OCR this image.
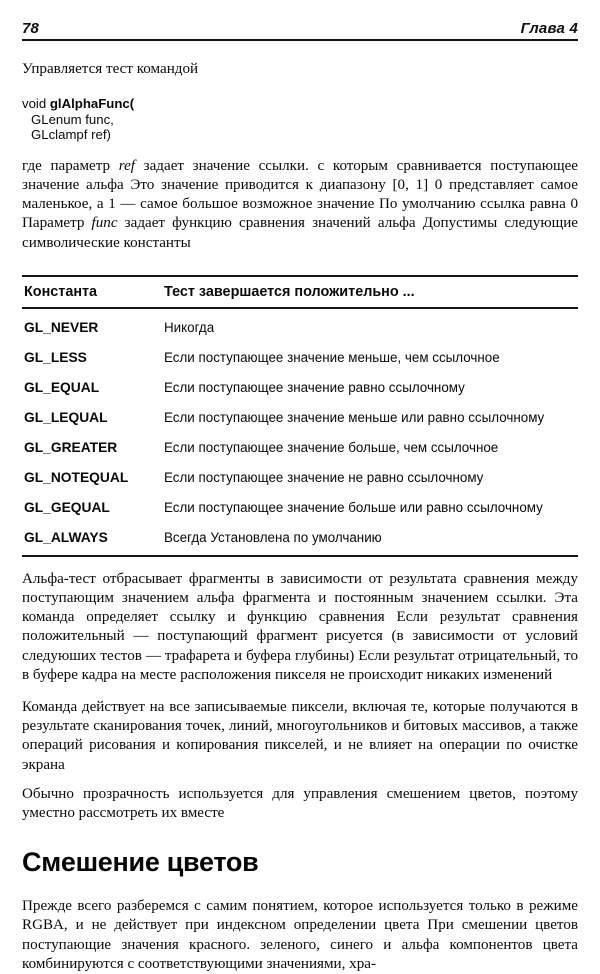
78	Глава 4

Управляется тест командой

void glAlphaFunc(
GLenum func,
GLclampf ref)

где параметр ref задает значение ссылки. с которым сравнивается поступающее значение альфа Это значение приводится к диапазону [0, 1] 0 представляет самое маленькое, а 1 — самое большое возможное значение По умолчанию ссылка равна 0 Параметр func задает функцию сравнения значений альфа Допустимы следующие символические константы

Константа	Тест завершается положительно ...

GL_NEVER	Никогда
GL_LESS	Если поступающее значение меньше, чем ссылочное
GL_EQUAL	Если поступающее значение равно ссылочному
GL_LEQUAL	Если поступающее значение меньше или равно ссылочному
GL_GREATER	Если поступающее значение больше, чем ссылочное
GL_NOTEQUAL	Если поступающее значение не равно ссылочному
GL_GEQUAL	Если поступающее значение больше или равно ссылочному
GL_ALWAYS	Всегда Установлена по умолчанию

Альфа-тест отбрасывает фрагменты в зависимости от результата сравнения между поступающим значением альфа фрагмента и постоянным значением ссылки. Эта команда определяет ссылку и функцию сравнения Если результат сравнения положительный — поступающий фрагмент рисуется (в зависимости от условий следуюших тестов — трафарета и буфера глубины) Если результат отрицательный, то в буфере кадра на месте расположения пикселя не происходит никаких изменений

Команда действует на все записываемые пиксели, включая те, которые получаются в результате сканирования точек, линий, многоугольников и битовых массивов, а также операций рисования и копирования пикселей, и не влияет на операции по очистке экрана

Обычно прозрачность используется для управления смешением цветов, поэтому уместно рассмотреть их вместе

Смешение цветов

Прежде всего разберемся с самим понятием, которое используется только в режиме RGBA, и не действует при индексном определении цвета При смешении цветов поступающие значения красного. зеленого, синего и альфа компонентов цвета комбинируются с соответствующими значениями, хра-
